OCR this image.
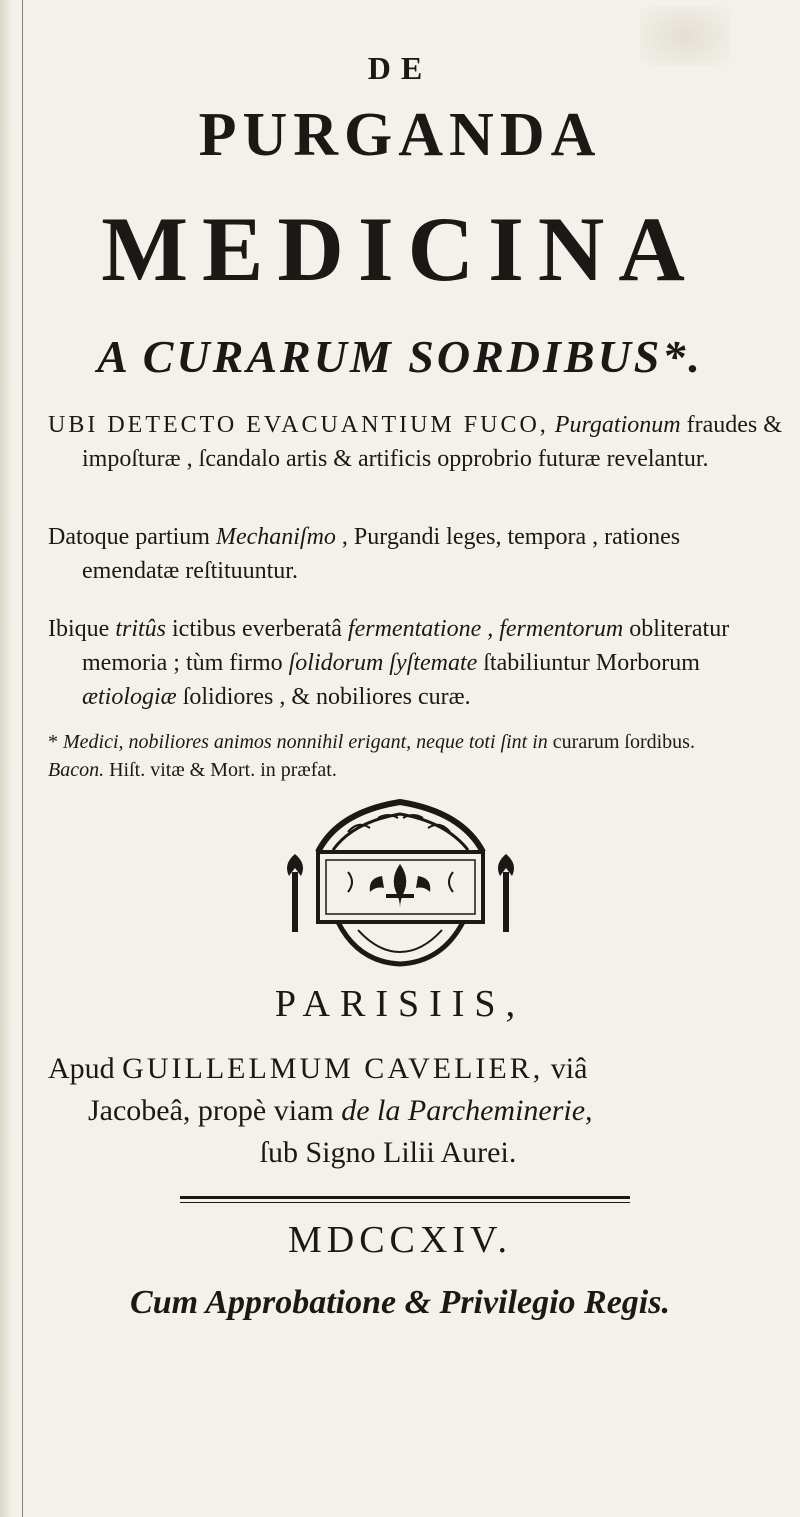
DE
PURGANDA
MEDICINA
A CURARUM SORDIBUS*.
UBI DETECTO EVACUANTIUM FUCO, Purgationum fraudes & impoſturæ , ſcandalo artis & artificis opprobrio futuræ revelantur.
Datoque partium Mechaniſmo , Purgandi leges, tempora , rationes emendatæ reſtituuntur.
Ibique tritûs ictibus everberatâ fermentatione , fermentorum obliteratur memoria ; tùm firmo ſolidorum ſyſtemate ſtabiliuntur Morborum ætiologiæ ſolidiores , & nobiliores curæ.
* Medici, nobiliores animos nonnihil erigant, neque toti ſint in curarum ſordibus. Bacon. Hiſt. vitæ & Mort. in præfat.
PARISIIS,
Apud GUILLELMUM CAVELIER, viâ
Jacobeâ, propè viam de la Parcheminerie,
ſub Signo Lilii Aurei.
MDCCXIV.
Cum Approbatione & Privilegio Regis.
